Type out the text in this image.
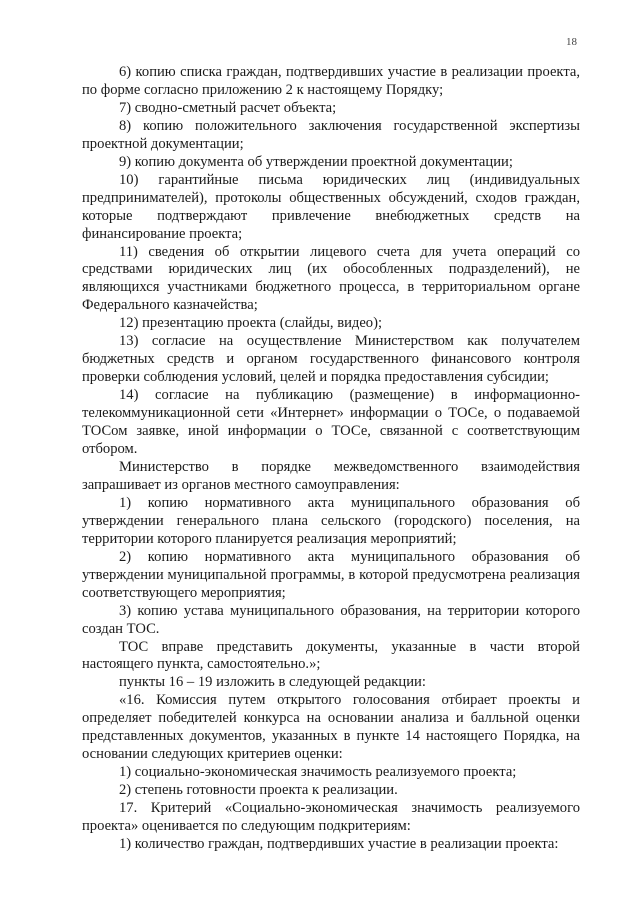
18

6) копию списка граждан, подтвердивших участие в реализации проекта, по форме согласно приложению 2 к настоящему Порядку;

7) сводно-сметный расчет объекта;

8) копию положительного заключения государственной экспертизы проектной документации;

9) копию документа об утверждении проектной документации;

10) гарантийные письма юридических лиц (индивидуальных предпринимателей), протоколы общественных обсуждений, сходов граждан, которые подтверждают привлечение внебюджетных средств на финансирование проекта;

11) сведения об открытии лицевого счета для учета операций со средствами юридических лиц (их обособленных подразделений), не являющихся участниками бюджетного процесса, в территориальном органе Федерального казначейства;

12) презентацию проекта (слайды, видео);

13) согласие на осуществление Министерством как получателем бюджетных средств и органом государственного финансового контроля проверки соблюдения условий, целей и порядка предоставления субсидии;

14) согласие на публикацию (размещение) в информационно-телекоммуникационной сети «Интернет» информации о ТОСе, о подаваемой ТОСом заявке, иной информации о ТОСе, связанной с соответствующим отбором.

Министерство в порядке межведомственного взаимодействия запрашивает из органов местного самоуправления:

1) копию нормативного акта муниципального образования об утверждении генерального плана сельского (городского) поселения, на территории которого планируется реализация мероприятий;

2) копию нормативного акта муниципального образования об утверждении муниципальной программы, в которой предусмотрена реализация соответствующего мероприятия;

3) копию устава муниципального образования, на территории которого создан ТОС.

ТОС вправе представить документы, указанные в части второй настоящего пункта, самостоятельно.»;

пункты 16 – 19 изложить в следующей редакции:

«16. Комиссия путем открытого голосования отбирает проекты и определяет победителей конкурса на основании анализа и балльной оценки представленных документов, указанных в пункте 14 настоящего Порядка, на основании следующих критериев оценки:

1) социально-экономическая значимость реализуемого проекта;

2) степень готовности проекта к реализации.

17. Критерий «Социально-экономическая значимость реализуемого проекта» оценивается по следующим подкритериям:

1) количество граждан, подтвердивших участие в реализации проекта:
